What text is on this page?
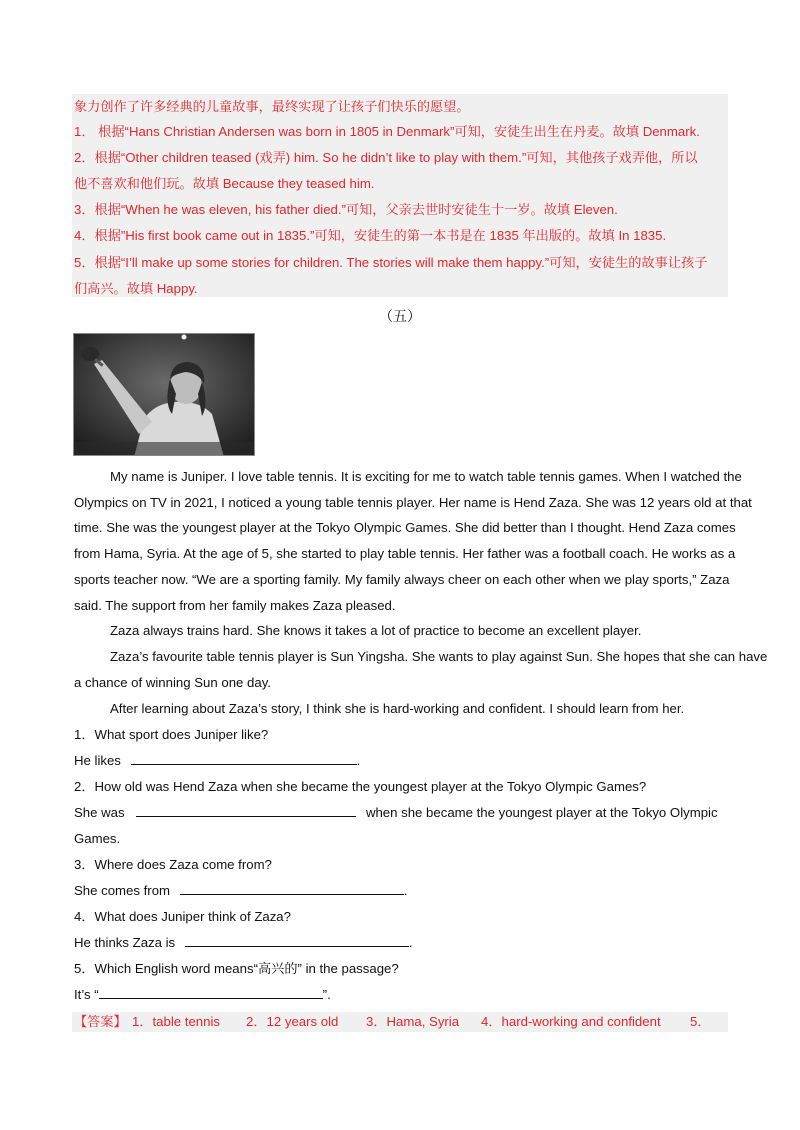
象力创作了许多经典的儿童故事，最终实现了让孩子们快乐的愿望。
1． 根据“Hans Christian Andersen was born in 1805 in Denmark”可知，安徒生出生在丹麦。故填 Denmark.
2．根据“Other children teased (戏弄) him. So he didn’t like to play with them.”可知，其他孩子戏弄他，所以
他不喜欢和他们玩。故填 Because they teased him.
3．根据“When he was eleven, his father died.”可知，父亲去世时安徒生十一岁。故填 Eleven.
4．根据”His first book came out in 1835.”可知，安徒生的第一本书是在 1835 年出版的。故填 In 1835.
5．根据“I’ll make up some stories for children. The stories will make them happy.”可知，安徒生的故事让孩子
们高兴。故填 Happy.
（五）
My name is Juniper. I love table tennis. It is exciting for me to watch table tennis games. When I watched the
Olympics on TV in 2021, I noticed a young table tennis player. Her name is Hend Zaza. She was 12 years old at that
time. She was the youngest player at the Tokyo Olympic Games. She did better than I thought. Hend Zaza comes
from Hama, Syria. At the age of 5, she started to play table tennis. Her father was a football coach. He works as a
sports teacher now. “We are a sporting family. My family always cheer on each other when we play sports,” Zaza
said. The support from her family makes Zaza pleased.
Zaza always trains hard. She knows it takes a lot of practice to become an excellent player.
Zaza’s favourite table tennis player is Sun Yingsha. She wants to play against Sun. She hopes that she can have
a chance of winning Sun one day.
After learning about Zaza’s story, I think she is hard-working and confident. I should learn from her.
1．What sport does Juniper like?
He likes	.
2．How old was Hend Zaza when she became the youngest player at the Tokyo Olympic Games?
She was	when she became the youngest player at the Tokyo Olympic
Games.
3．Where does Zaza come from?
She comes from	.
4．What does Juniper think of Zaza?
He thinks Zaza is	.
5．Which English word means“高兴的” in the passage?
It’s “	”.
【答案】 1．table tennis 2．12 years old 3．Hama, Syria 4．hard-working and confident 5．
